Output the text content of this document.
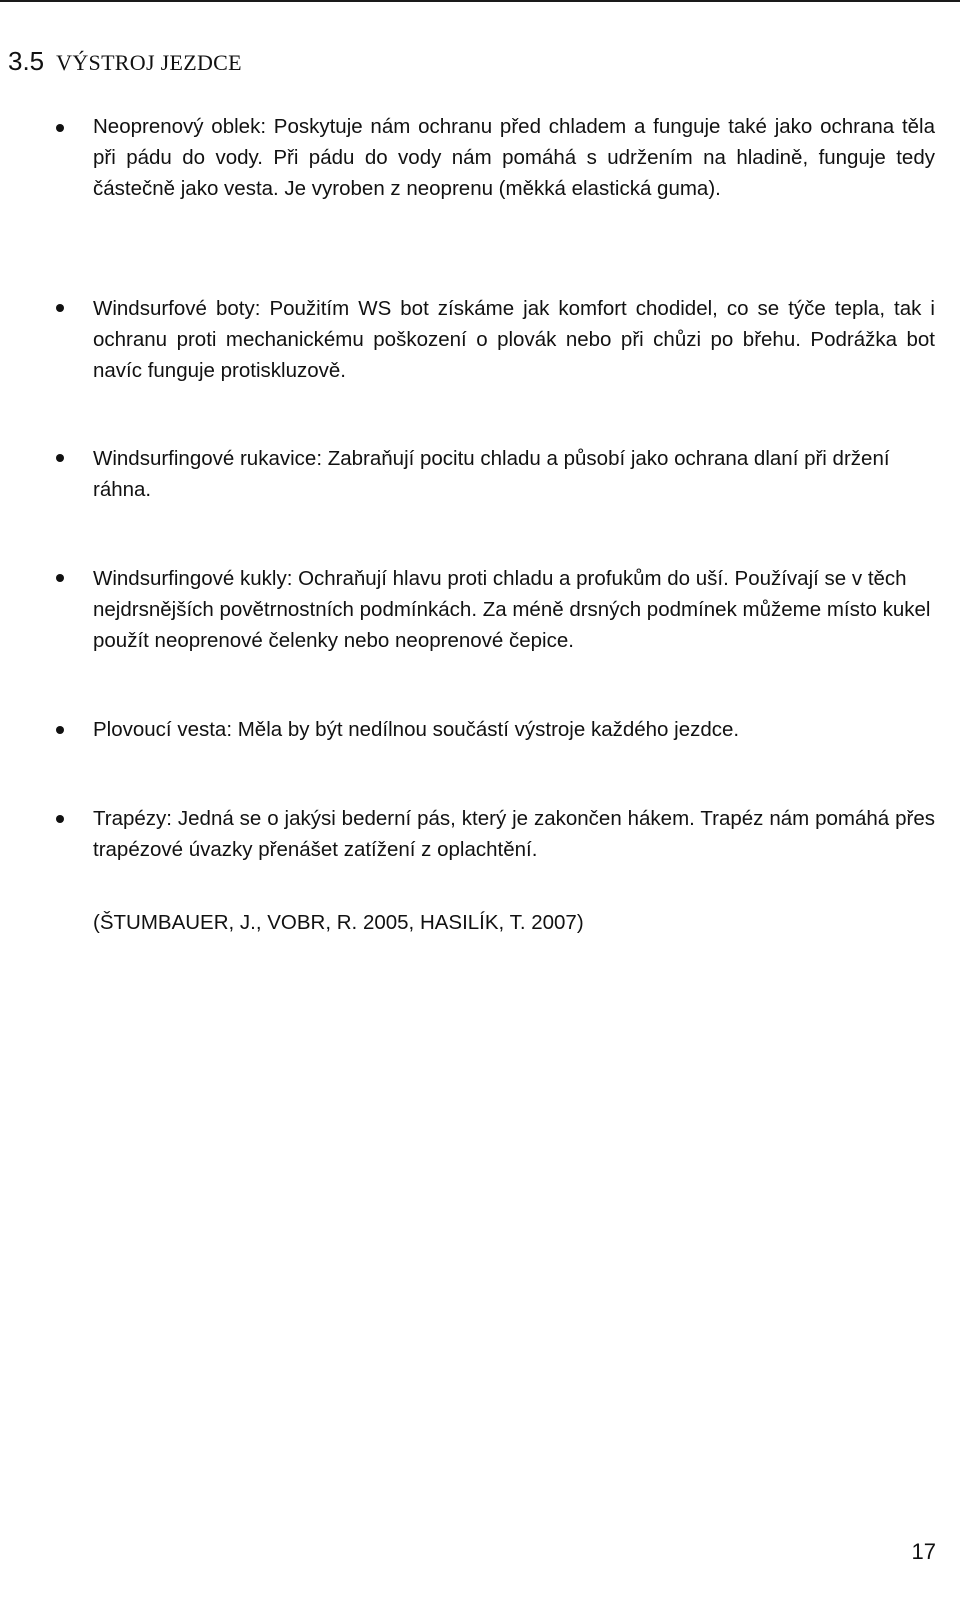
3.5 VÝSTROJ JEZDCE
Neoprenový oblek: Poskytuje nám ochranu před chladem a funguje také jako ochrana těla při pádu do vody. Při pádu do vody nám pomáhá s udržením na hladině, funguje tedy částečně jako vesta. Je vyroben z neoprenu (měkká elastická guma).
Windsurfové boty: Použitím WS bot získáme jak komfort chodidel, co se týče tepla, tak i ochranu proti mechanickému poškození o plovák nebo při chůzi po břehu. Podrážka bot navíc funguje protiskluzově.
Windsurfingové rukavice: Zabraňují pocitu chladu a působí jako ochrana dlaní při držení ráhna.
Windsurfingové kukly: Ochraňují hlavu proti chladu a profukům do uší. Používají se v těch nejdrsnějších povětrnostních podmínkách. Za méně drsných podmínek můžeme místo kukel použít neoprenové čelenky nebo neoprenové čepice.
Plovoucí vesta: Měla by být nedílnou součástí výstroje každého jezdce.
Trapézy: Jedná se o jakýsi bederní pás, který je zakončen hákem. Trapéz nám pomáhá přes trapézové úvazky přenášet zatížení z oplachtění.
(ŠTUMBAUER, J., VOBR, R. 2005, HASILÍK, T. 2007)
17
